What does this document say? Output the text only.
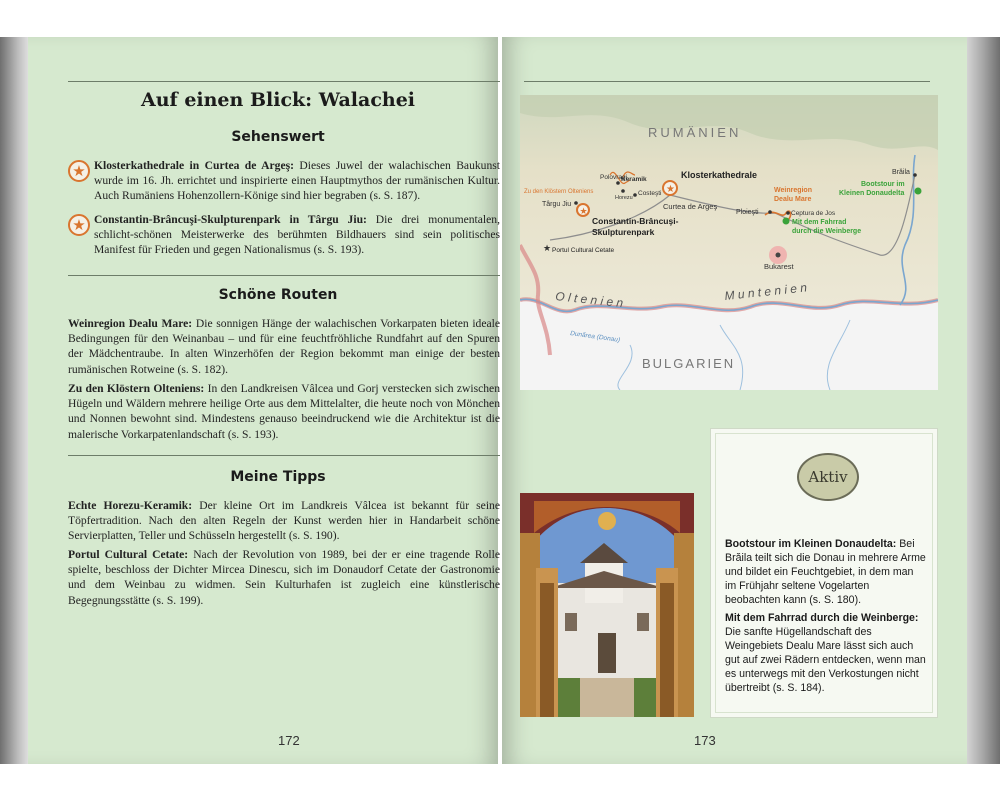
Auf einen Blick: Walachei
Sehenswert
★ Klosterkathedrale in Curtea de Argeş: Dieses Juwel der walachischen Baukunst wurde im 16. Jh. errichtet und inspirierte einen Hauptmythos der rumänischen Kultur. Auch Rumäniens Hohenzollern-Könige sind hier begraben (s. S. 187).
★ Constantin-Brâncuşi-Skulpturenpark in Târgu Jiu: Die drei monumentalen, schlicht-schönen Meisterwerke des berühmten Bildhauers sind sein politisches Manifest für Frieden und gegen Nationalismus (s. S. 193).
Schöne Routen
Weinregion Dealu Mare: Die sonnigen Hänge der walachischen Vorkarpaten bieten ideale Bedingungen für den Weinanbau – und für eine feuchtfröhliche Rundfahrt auf den Spuren der Mädchentraube. In alten Winzerhöfen der Region bekommt man einige der besten rumänischen Rotweine (s. S. 182).
Zu den Klöstern Olteniens: In den Landkreisen Vâlcea und Gorj verstecken sich zwischen Hügeln und Wäldern mehrere heilige Orte aus dem Mittelalter, die heute noch von Mönchen und Nonnen bewohnt sind. Mindestens genauso beeindruckend wie die Architektur ist die malerische Vorkarpatenlandschaft (s. S. 193).
Meine Tipps
Echte Horezu-Keramik: Der kleine Ort im Landkreis Vâlcea ist bekannt für seine Töpfertradition. Nach den alten Regeln der Kunst werden hier in Handarbeit schöne Servierplatten, Teller und Schüsseln hergestellt (s. S. 190).
Portul Cultural Cetate: Nach der Revolution von 1989, bei der er eine tragende Rolle spielte, beschloss der Dichter Mircea Dinescu, sich im Donaudorf Cetate der Gastronomie und dem Weinbau zu widmen. Sein Kulturhafen ist zugleich eine künstlerische Begegnungsstätte (s. S. 199).
172
★
★
★
RUMÄNIEN
O l t e n i e n	M u n t e n i e n
BULGARIEN
Dunărea (Donau)
Polovragi
Keramik
Horezu
Costeşti
Zu den Klöstern Olteniens
Târgu Jiu
Constantin-Brâncuşi-
Skulpturenpark
Klosterkathedrale
Curtea de Argeş
Ploieşti
Weinregion
Dealu Mare
Ceptura de Jos
Mit dem Fahrrad
durch die Weinberge
Brăila
Bootstour im
Kleinen Donaudelta
Bukarest
Portul Cultural Cetate
Aktiv
Bootstour im Kleinen Donaudelta: Bei Brăila teilt sich die Donau in mehrere Arme und bildet ein Feuchtgebiet, in dem man im Frühjahr seltene Vogelarten beobachten kann (s. S. 180).
Mit dem Fahrrad durch die Weinberge: Die sanfte Hügellandschaft des Weingebiets Dealu Mare lässt sich auch gut auf zwei Rädern entdecken, wenn man es unterwegs mit den Verkostungen nicht übertreibt (s. S. 184).
173
